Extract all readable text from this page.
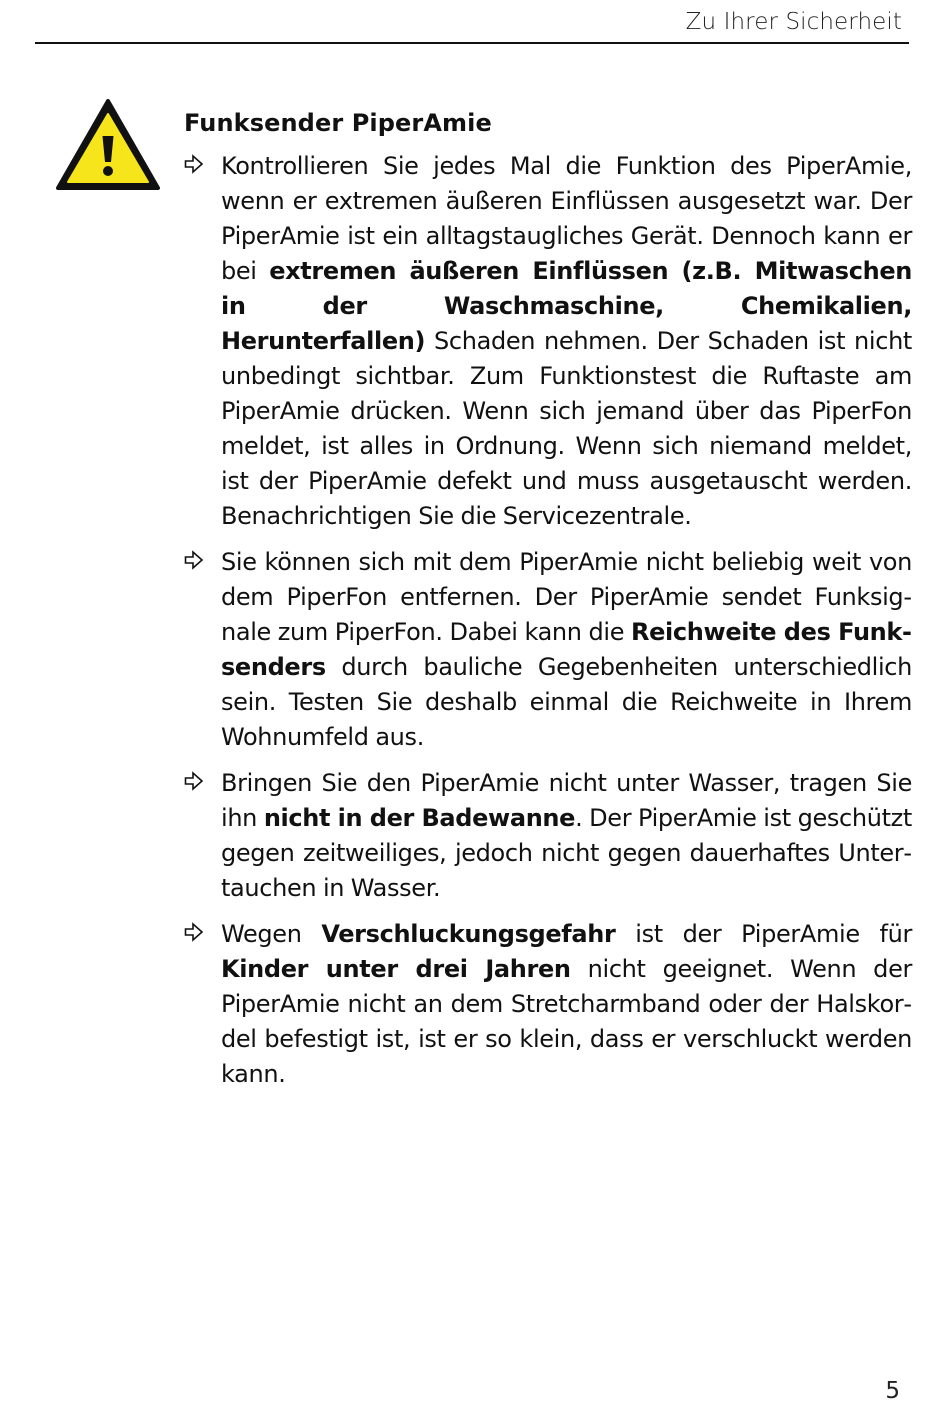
Zu Ihrer Sicherheit
Funksender PiperAmie
Kontrollieren Sie jedes Mal die Funktion des PiperAmie, wenn er extremen äußeren Einflüssen ausgesetzt war. Der PiperAmie ist ein alltagstaugliches Gerät. Dennoch kann er bei extremen äußeren Einflüssen (z.B. Mitwaschen in der Waschmaschine, Chemikalien, Herunterfallen) Schaden nehmen. Der Schaden ist nicht unbedingt sichtbar. Zum Funktionstest die Ruftaste am PiperAmie drücken. Wenn sich jemand über das PiperFon meldet, ist alles in Ordnung. Wenn sich niemand meldet, ist der PiperAmie defekt und muss ausgetauscht werden. Benachrichtigen Sie die Servicezentrale.
Sie können sich mit dem PiperAmie nicht beliebig weit von dem PiperFon entfernen. Der PiperAmie sendet Funksignale zum PiperFon. Dabei kann die Reichweite des Funksenders durch bauliche Gegebenheiten unterschiedlich sein. Testen Sie deshalb einmal die Reichweite in Ihrem Wohnumfeld aus.
Bringen Sie den PiperAmie nicht unter Wasser, tragen Sie ihn nicht in der Badewanne. Der PiperAmie ist geschützt gegen zeitweiliges, jedoch nicht gegen dauerhaftes Untertauchen in Wasser.
Wegen Verschluckungsgefahr ist der PiperAmie für Kinder unter drei Jahren nicht geeignet. Wenn der PiperAmie nicht an dem Stretcharmband oder der Halskordel befestigt ist, ist er so klein, dass er verschluckt werden kann.
5
